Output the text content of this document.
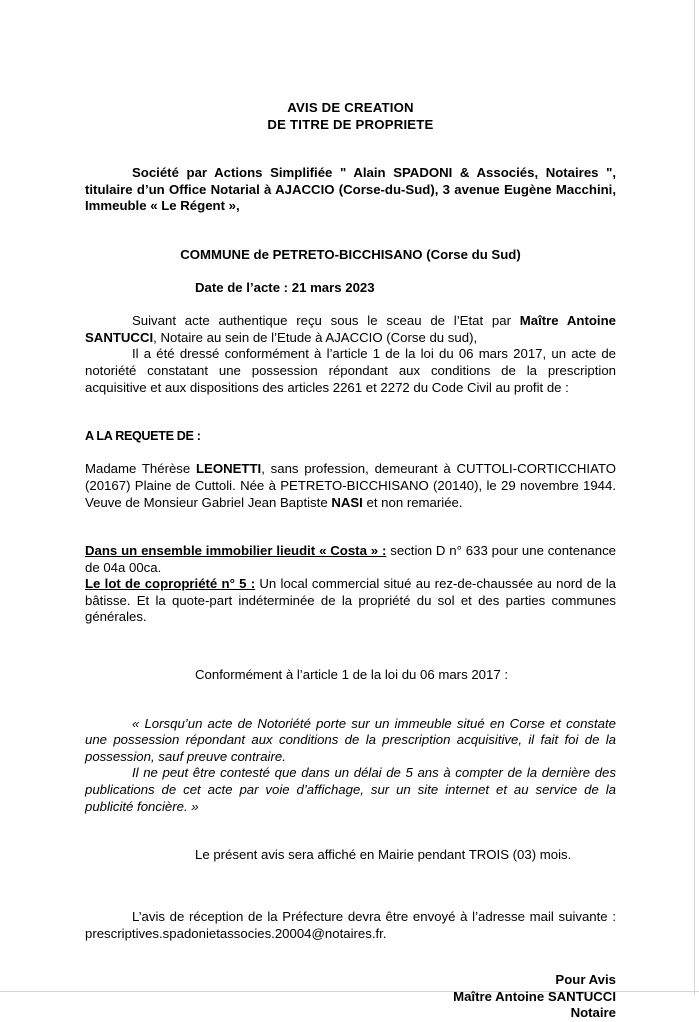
AVIS DE CREATION
DE TITRE DE PROPRIETE
Société par Actions Simplifiée " Alain SPADONI & Associés, Notaires ", titulaire d’un Office Notarial à AJACCIO (Corse-du-Sud), 3 avenue Eugène Macchini, Immeuble « Le Régent »,
COMMUNE de PETRETO-BICCHISANO (Corse du Sud)
Date de l’acte : 21 mars 2023

Suivant acte authentique reçu sous le sceau de l’Etat par Maître Antoine SANTUCCI, Notaire au sein de l’Etude à AJACCIO (Corse du sud),

Il a été dressé conformément à l’article 1 de la loi du 06 mars 2017, un acte de notoriété constatant une possession répondant aux conditions de la prescription acquisitive et aux dispositions des articles 2261 et 2272 du Code Civil au profit de :

A LA REQUETE DE :

Madame Thérèse LEONETTI, sans profession, demeurant à CUTTOLI-CORTICCHIATO (20167) Plaine de Cuttoli. Née à PETRETO-BICCHISANO (20140), le 29 novembre 1944. Veuve de Monsieur Gabriel Jean Baptiste NASI et non remariée.

Dans un ensemble immobilier lieudit « Costa » : section D n° 633 pour une contenance de 04a 00ca.

Le lot de copropriété n° 5 : Un local commercial situé au rez-de-chaussée au nord de la bâtisse. Et la quote-part indéterminée de la propriété du sol et des parties communes générales.

Conformément à l’article 1 de la loi du 06 mars 2017 :

« Lorsqu’un acte de Notoriété porte sur un immeuble situé en Corse et constate une possession répondant aux conditions de la prescription acquisitive, il fait foi de la possession, sauf preuve contraire.

Il ne peut être contesté que dans un délai de 5 ans à compter de la dernière des publications de cet acte par voie d’affichage, sur un site internet et au service de la publicité foncière. »

Le présent avis sera affiché en Mairie pendant TROIS (03) mois.

L’avis de réception de la Préfecture devra être envoyé à l’adresse mail suivante : prescriptives.spadonietassocies.20004@notaires.fr.

Pour Avis
Maître Antoine SANTUCCI
Notaire
